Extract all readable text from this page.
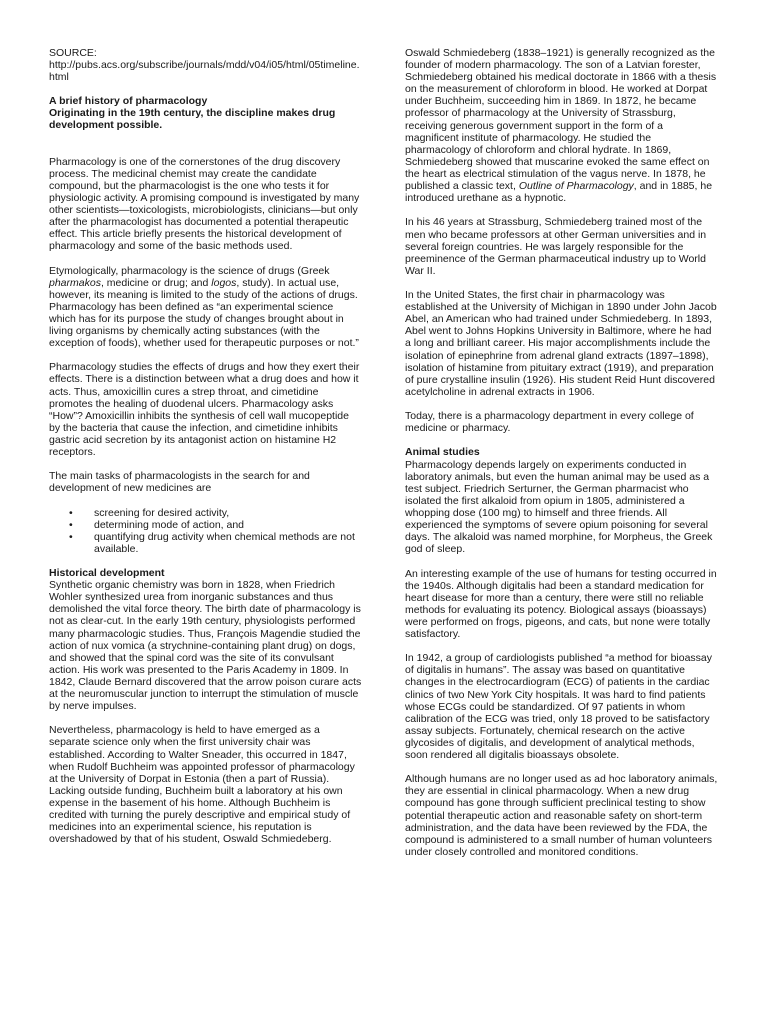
SOURCE:
http://pubs.acs.org/subscribe/journals/mdd/v04/i05/html/05timeline.html
A brief history of pharmacology
Originating in the 19th century, the discipline makes drug development possible.

Pharmacology is one of the cornerstones of the drug discovery process. The medicinal chemist may create the candidate compound, but the pharmacologist is the one who tests it for physiologic activity. A promising compound is investigated by many other scientists—toxicologists, microbiologists, clinicians—but only after the pharmacologist has documented a potential therapeutic effect. This article briefly presents the historical development of pharmacology and some of the basic methods used.

Etymologically, pharmacology is the science of drugs (Greek pharmakos, medicine or drug; and logos, study). In actual use, however, its meaning is limited to the study of the actions of drugs. Pharmacology has been defined as “an experimental science which has for its purpose the study of changes brought about in living organisms by chemically acting substances (with the exception of foods), whether used for therapeutic purposes or not.”

Pharmacology studies the effects of drugs and how they exert their effects. There is a distinction between what a drug does and how it acts. Thus, amoxicillin cures a strep throat, and cimetidine promotes the healing of duodenal ulcers. Pharmacology asks “How”? Amoxicillin inhibits the synthesis of cell wall mucopeptide by the bacteria that cause the infection, and cimetidine inhibits gastric acid secretion by its antagonist action on histamine H2 receptors.

The main tasks of pharmacologists in the search for and development of new medicines are

• screening for desired activity,
• determining mode of action, and
• quantifying drug activity when chemical methods are not available.
Historical development

Synthetic organic chemistry was born in 1828, when Friedrich Wohler synthesized urea from inorganic substances and thus demolished the vital force theory. The birth date of pharmacology is not as clear-cut. In the early 19th century, physiologists performed many pharmacologic studies. Thus, François Magendie studied the action of nux vomica (a strychnine-containing plant drug) on dogs, and showed that the spinal cord was the site of its convulsant action. His work was presented to the Paris Academy in 1809. In 1842, Claude Bernard discovered that the arrow poison curare acts at the neuromuscular junction to interrupt the stimulation of muscle by nerve impulses.

Nevertheless, pharmacology is held to have emerged as a separate science only when the first university chair was established. According to Walter Sneader, this occurred in 1847, when Rudolf Buchheim was appointed professor of pharmacology at the University of Dorpat in Estonia (then a part of Russia). Lacking outside funding, Buchheim built a laboratory at his own expense in the basement of his home. Although Buchheim is credited with turning the purely descriptive and empirical study of medicines into an experimental science, his reputation is overshadowed by that of his student, Oswald Schmiedeberg.

Oswald Schmiedeberg (1838–1921) is generally recognized as the founder of modern pharmacology. The son of a Latvian forester, Schmiedeberg obtained his medical doctorate in 1866 with a thesis on the measurement of chloroform in blood. He worked at Dorpat under Buchheim, succeeding him in 1869. In 1872, he became professor of pharmacology at the University of Strassburg, receiving generous government support in the form of a magnificent institute of pharmacology. He studied the pharmacology of chloroform and chloral hydrate. In 1869, Schmiedeberg showed that muscarine evoked the same effect on the heart as electrical stimulation of the vagus nerve. In 1878, he published a classic text, Outline of Pharmacology, and in 1885, he introduced urethane as a hypnotic.

In his 46 years at Strassburg, Schmiedeberg trained most of the men who became professors at other German universities and in several foreign countries. He was largely responsible for the preeminence of the German pharmaceutical industry up to World War II.

In the United States, the first chair in pharmacology was established at the University of Michigan in 1890 under John Jacob Abel, an American who had trained under Schmiedeberg. In 1893, Abel went to Johns Hopkins University in Baltimore, where he had a long and brilliant career. His major accomplishments include the isolation of epinephrine from adrenal gland extracts (1897–1898), isolation of histamine from pituitary extract (1919), and preparation of pure crystalline insulin (1926). His student Reid Hunt discovered acetylcholine in adrenal extracts in 1906.

Today, there is a pharmacology department in every college of medicine or pharmacy.

Animal studies

Pharmacology depends largely on experiments conducted in laboratory animals, but even the human animal may be used as a test subject. Friedrich Serturner, the German pharmacist who isolated the first alkaloid from opium in 1805, administered a whopping dose (100 mg) to himself and three friends. All experienced the symptoms of severe opium poisoning for several days. The alkaloid was named morphine, for Morpheus, the Greek god of sleep.

An interesting example of the use of humans for testing occurred in the 1940s. Although digitalis had been a standard medication for heart disease for more than a century, there were still no reliable methods for evaluating its potency. Biological assays (bioassays) were performed on frogs, pigeons, and cats, but none were totally satisfactory.

In 1942, a group of cardiologists published “a method for bioassay of digitalis in humans”. The assay was based on quantitative changes in the electrocardiogram (ECG) of patients in the cardiac clinics of two New York City hospitals. It was hard to find patients whose ECGs could be standardized. Of 97 patients in whom calibration of the ECG was tried, only 18 proved to be satisfactory assay subjects. Fortunately, chemical research on the active glycosides of digitalis, and development of analytical methods, soon rendered all digitalis bioassays obsolete.

Although humans are no longer used as ad hoc laboratory animals, they are essential in clinical pharmacology. When a new drug compound has gone through sufficient preclinical testing to show potential therapeutic action and reasonable safety on short-term administration, and the data have been reviewed by the FDA, the compound is administered to a small number of human volunteers under closely controlled and monitored conditions.
